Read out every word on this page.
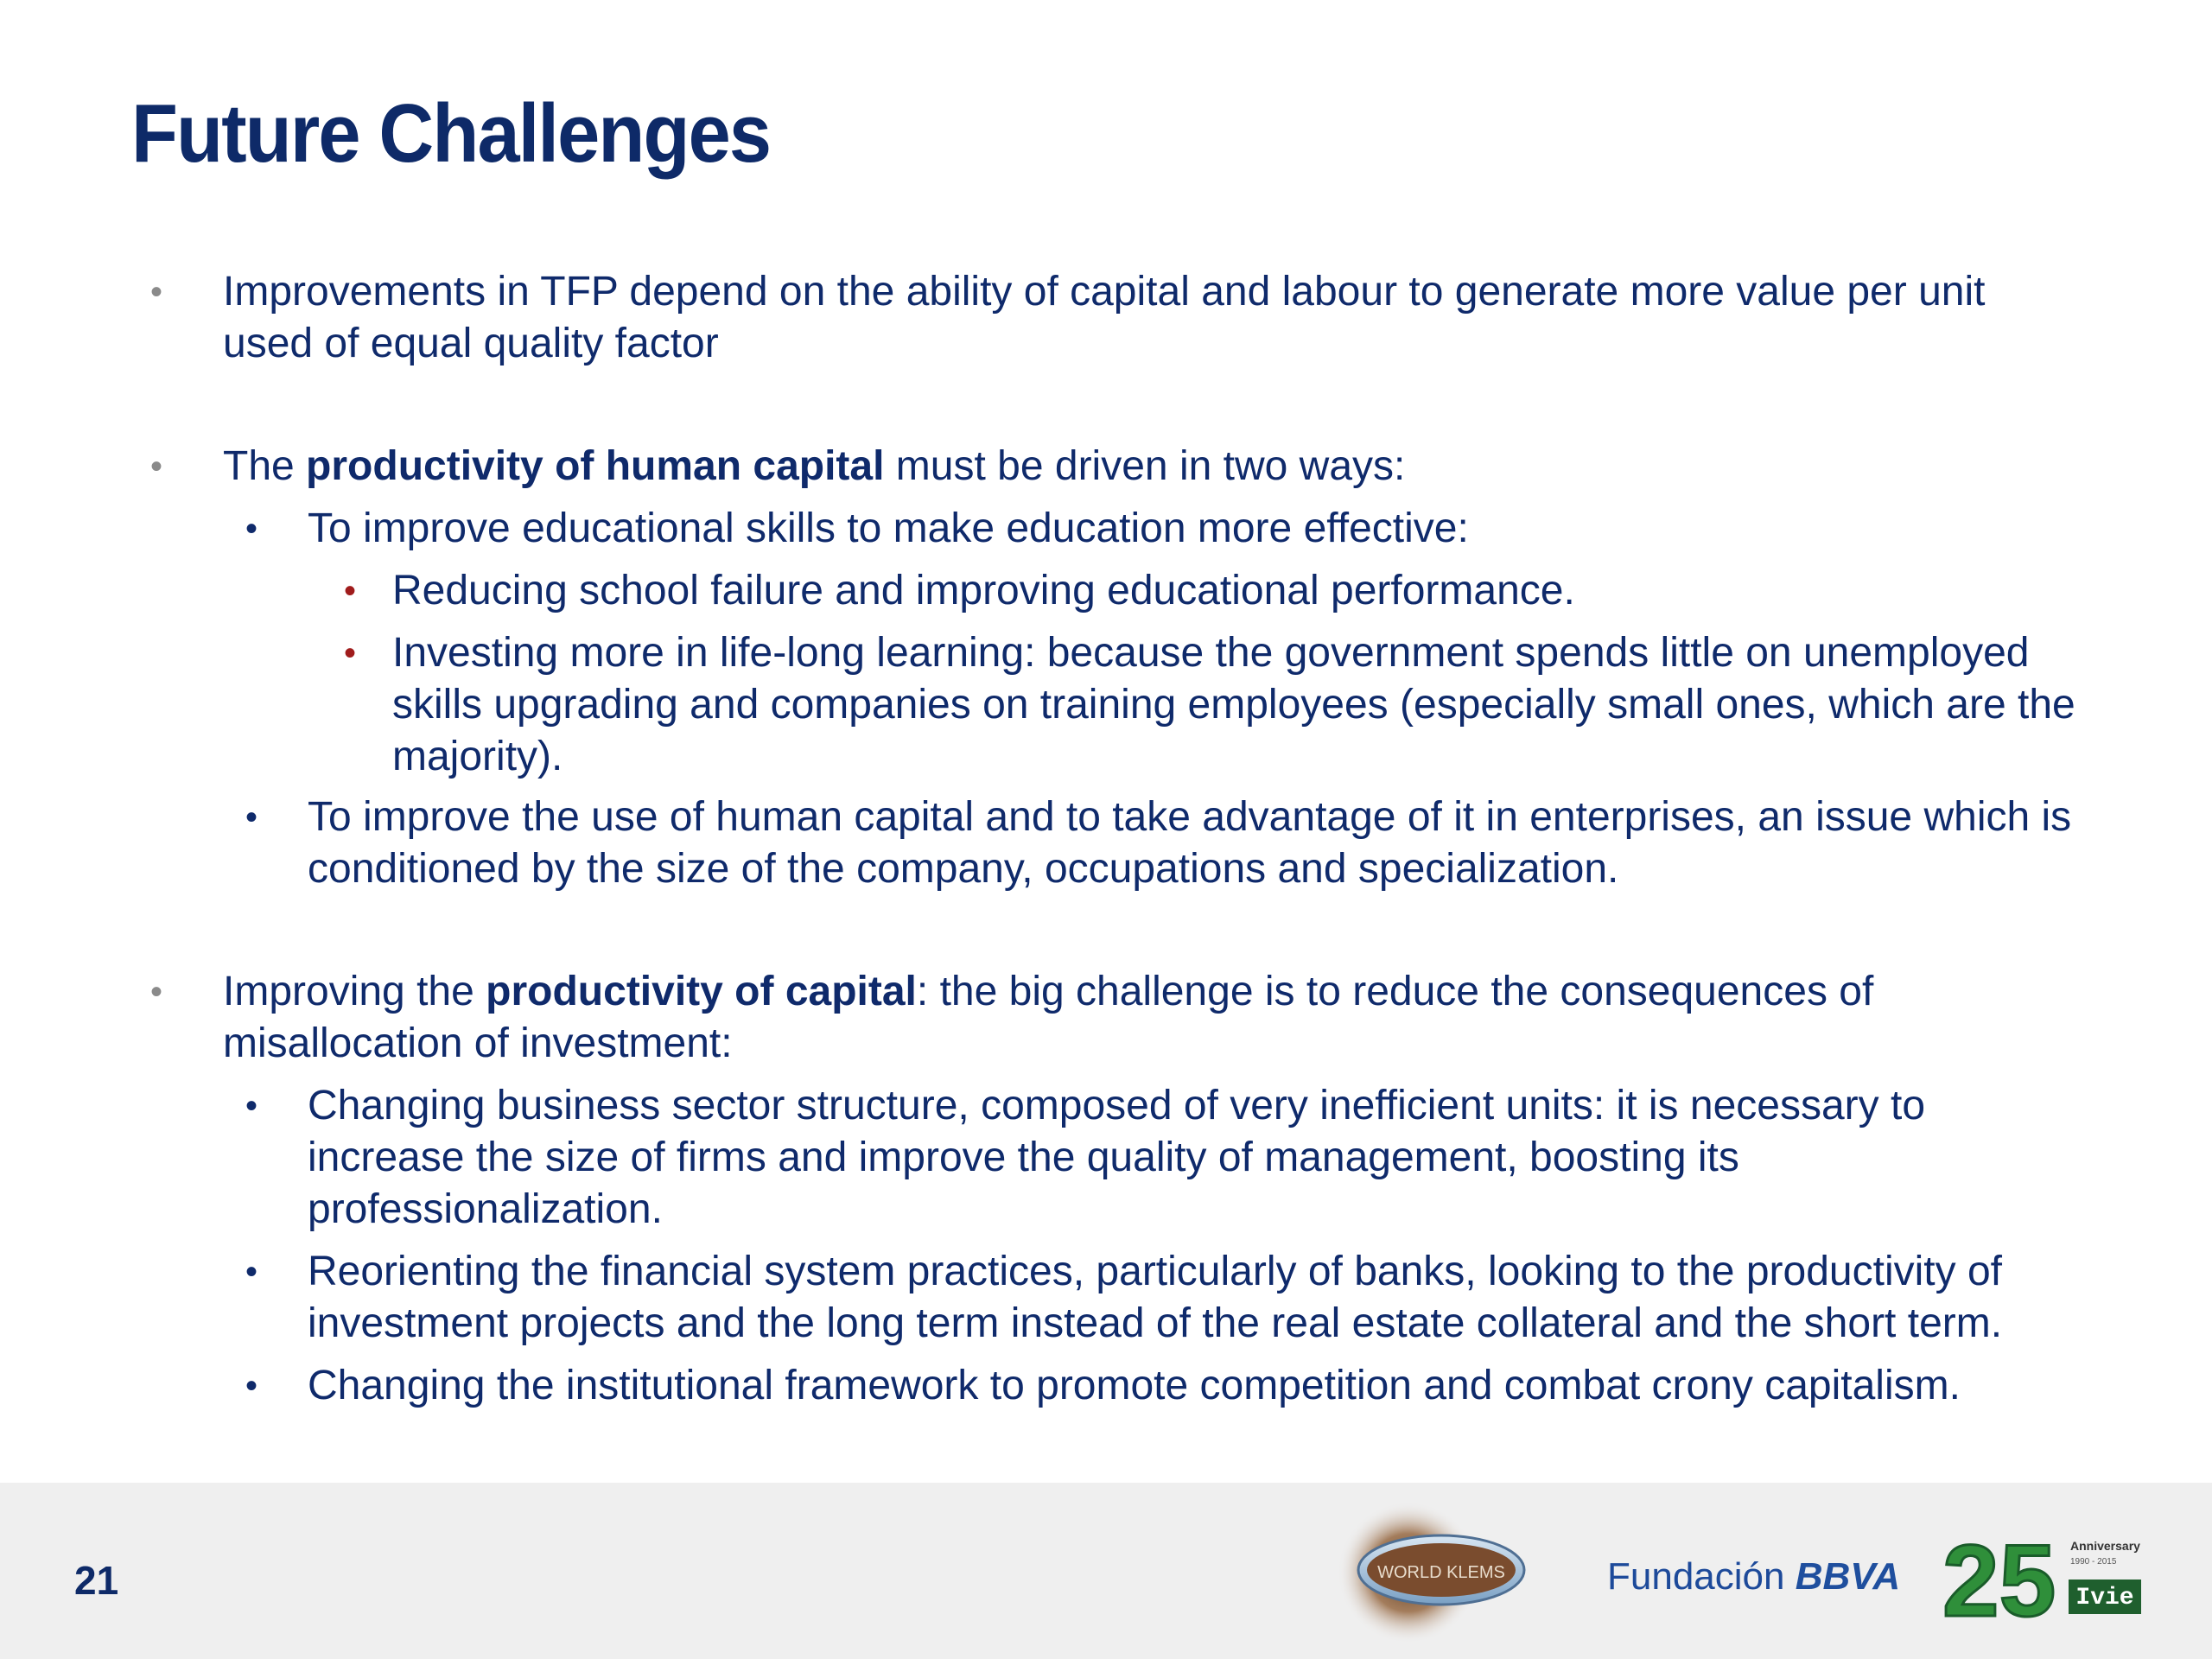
Future Challenges
• Improvements in TFP depend on the ability of capital and labour to generate more value per unit used of equal quality factor
• The productivity of human capital must be driven in two ways:
• To improve educational skills to make education more effective:
• Reducing school failure and improving educational performance.
• Investing more in life-long learning: because the government spends little on unemployed skills upgrading and companies on training employees (especially small ones, which are the majority).
• To improve the use of human capital and to take advantage of it in enterprises, an issue which is conditioned by the size of the company, occupations and specialization.
• Improving the productivity of capital: the big challenge is to reduce the consequences of misallocation of investment:
• Changing business sector structure, composed of very inefficient units: it is necessary to increase the size of firms and improve the quality of management, boosting its professionalization.
• Reorienting the financial system practices, particularly of banks, looking to the productivity of investment projects and the long term instead of the real estate collateral and the short term.
• Changing the institutional framework to promote competition and combat crony capitalism.
21	WORLD KLEMS	Fundación BBVA 25 Anniversary
1990 - 2015
Ivie
